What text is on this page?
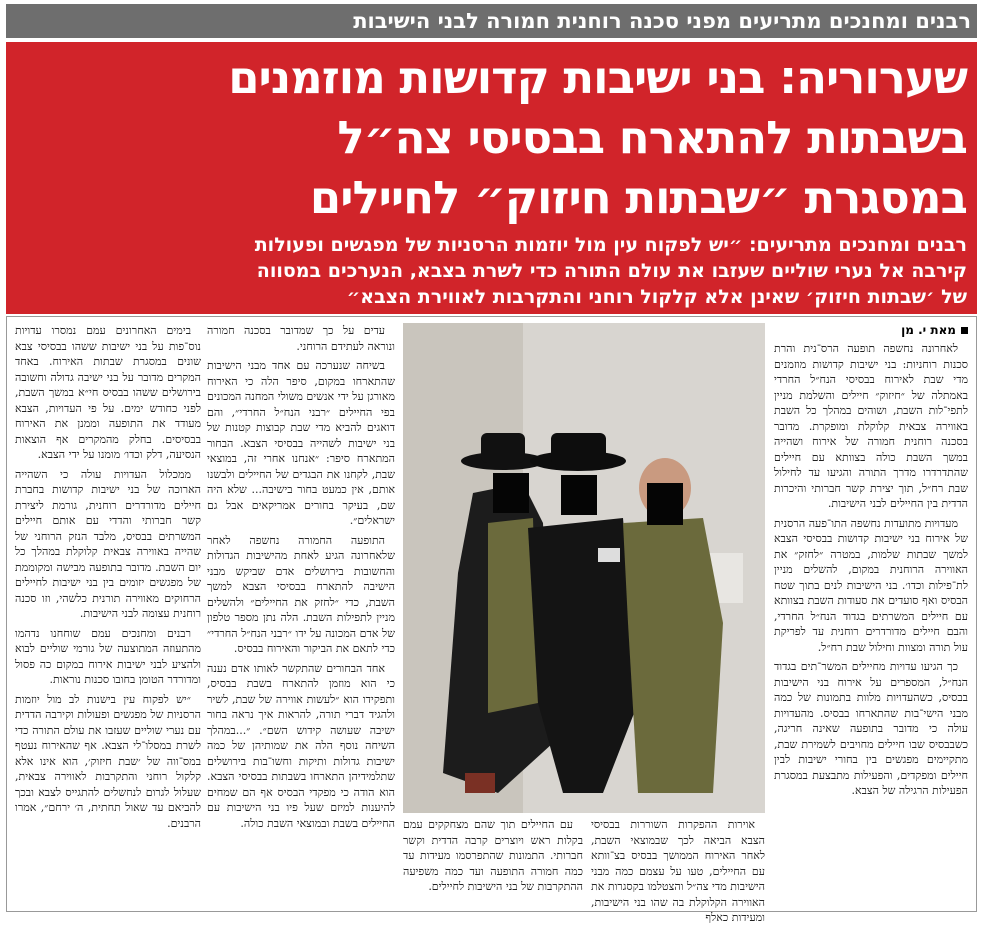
רבנים ומחנכים מתריעים מפני סכנה רוחנית חמורה לבני הישיבות
שערוריה: בני ישיבות קדושות מוזמנים
בשבתות להתארח בבסיסי צה״ל
במסגרת ״שבתות חיזוק״ לחיילים
רבנים ומחנכים מתריעים: ״יש לפקוח עין מול יוזמות הרסניות של מפגשים ופעולות
קירבה אל נערי שוליים שעזבו את עולם התורה כדי לשרת בצבא, הנערכים במסווה
של ׳שבתות חיזוק׳ שאינן אלא קלקול רוחני והתקרבות לאווירת הצבא״

מאת י. מן

לאחרונה נחשפה תופעה הרס־נית והרת סכנות רוחניות: בני ישיבות קדושות מוזמנים מדי שבת לאירוח בבסיסי הנח״ל החרדי באמתלה של ״חיזוק״ חיילים והשלמת מניין לתפי־לות השבת, ושוהים במהלך כל השבת באווירה צבאית קלוקלת ומופקרת. מדובר בסכנה רוחנית חמורה של אירוח ושהייה במשך השבת כולה בצוותא עם חיילים שהתדרדרו מדרך התורה והגיעו עד לחילול שבת רח״ל, תוך יצירת קשר חברותי והיכרות הדדית בין החיילים לבני הישיבות.

מעדויות מתועדות נחשפה התו־פעה הרסנית של אירוח בני ישיבות קדושות בבסיסי הצבא למשך שבתות שלמות, במטרה ״לחזק״ את האווירה הרוחנית במקום, להשלים מניין לת־פילות וכדו׳. בני הישיבות לנים בתוך שטח הבסיס ואף סועדים את סעודות השבת בצוותא עם חיילים המשרתים בגדוד הנח״ל החרדי, והבם חיילים מדורדרים רוחנית עד לפריקת עול תורה ומצוות וחילול שבת רח״ל.

כך הגיעו עדויות מחיילים המשר־תים בגדוד הנח״ל, המספרים על אירוח בני הישיבות בבסיס, כשהעדויות מלוות בתמונות של כמה מבני הישי־בות שהתארחו בבסיס. מהעדויות עולה כי מדובר בתופעה שאינה חריגה, כשבבסיס שבו חיילים מחויבים לשמירת שבת, מתקיימים מפגשים בין בחורי ישיבות לבין חיילים ומפקדים, והפעילות מתבצעת במסגרת הפעילות הרגילה של הצבא.

אוירות ההפקרות השוררות בבסיסי הצבא הביאה לכך שבמוצאי השבת, לאחר האירוח הממושך בבסיס בצ־וותא עם החיילים, טעו על עצמם כמה מבני הישיבות מדי צה״ל והצטלמו בקסגרות את האווירה הקלוקלת בה שהו בני הישיבות, ומעידות כאלף

עם החיילים תוך שהם מצחקקים עמם בקלות ראש ויוצרים קרבה הדדית וקשר חברותי. התמונות שהתפרסמו מעידות עד כמה חמורה התופעה ועד כמה משפיעה ההתקרבות של בני הישיבות לחיילים.

עדים על כך שמדובר בסכנה חמורה ונוראה לעתידם הרוחני.

בשיחה שנערכה עם אחד מבני הישיבות שהתארחו במקום, סיפר הלה כי האירוח מאורגן על ידי אנשים משולי המחנה המכונים בפי החיילים ״רבני הנח״ל החרדי״, והם דואגים להביא מדי שבת קבוצות קטנות של בני ישיבות לשהייה בבסיסי הצבא. הבחור המתארח סיפר: ״אנחנו אחרי זה, במוצאי שבת, לקחנו את הבגדים של החיילים ולבשנו אותם, אין כמעט בחור בישיבה... שלא היה שם, בעיקר בחורים אמריקאים אבל גם ישראלים״.

התופעה החמורה נחשפה לאחר שלאחרונה הגיע לאחת מהישיבות הגדולות והחשובות בירושלים אדם שביקש מבני הישיבה להתארח בבסיסי הצבא למשך השבת, כדי ״לחזק את החיילים״ ולהשלים מניין לתפילות השבת. הלה נתן מספר טלפון של אדם המכונה על ידו ״רבני הנח״ל החרדי״ כדי לתאם את הביקור והאירוח בבסיס.

אחד הבחורים שהתקשר לאותו אדם נענה כי הוא מוזמן להתארח בשבת בבסיס, ותפקידו הוא ״לעשות אווירה של שבת, לשיר ולהגיד דברי תורה, להראות איך נראה בחור ישיבה שעושה קידוש השם״. ״...במהלך השיחה נוסף הלה את שמותיהן של כמה ישיבות גדולות ותיקות וחשו־בות בירושלים שתלמידיהן התארחו בשבתות בבסיסי הצבא. הוא הודה כי מפקדי הבסיס אף הם שמחים להיענות למיזם שעל פיו בני הישיבות עם החיילים בשבת ובמוצאי השבת כולה.

בימים האחרונים עמם נמסרו עדויות נוס־פות על בני ישיבות ששהו בבסיסי צבא שונים במסגרת שבתות האירוח. באחד המקרים מדובר על בני ישיבה גדולה וחשובה בירושלים ששהו בבסיס חי״א במשך השבת, לפני כחודש ימים. על פי העדויות, הצבא מעודד את התופעה וממנן את האירוח בבסיסים. בחלק מהמקרים אף הוצאות הנסיעה, דלק וכדו׳ מומנו על ידי הצבא.

ממכלול העדויות עולה כי השהייה הארוכה של בני ישיבות קדושות בחברת חיילים מדורדרים רוחנית, גורמת ליצירת קשר חברותי והדדי עם אותם חיילים המשרתים בבסיס, מלבד הנזק הרוחני של שהייה באווירה צבאית קלוקלת במהלך כל יום השבת. מדובר בתופעה מבישה ומקוממת של מפגשים יזומים בין בני ישיבות לחיילים הרחוקים מאווירה תורנית כלשהי, וזו סכנה רוחנית עצומה לבני הישיבות.

רבנים ומחנכים עמם שוחחנו נדהמו מהתעוזה המתוצעה של גורמי שוליים לבוא ולהציע לבני ישיבות אירוח במקום כה פסול ומדורדר הטומן בחובו סכנות נוראות.

״יש לפקוח עין בישנות לב מול יוזמות הרסניות של מפגשים ופעולות וקירבה הדדית עם נערי שוליים שעזבו את עולם התורה כדי לשרת במסלו־לי הצבא. אף שהאירוח נעטף במס־ווה של ׳שבת חיזוק׳, הוא אינו אלא קלקול רוחני והתקרבות לאווירה צבאית, שעלול לגרום לנחשלים להתגייס לצבא ובכך להביאם עד שאול תחתית, ה׳ ירחם״, אמרו הרבנים.
